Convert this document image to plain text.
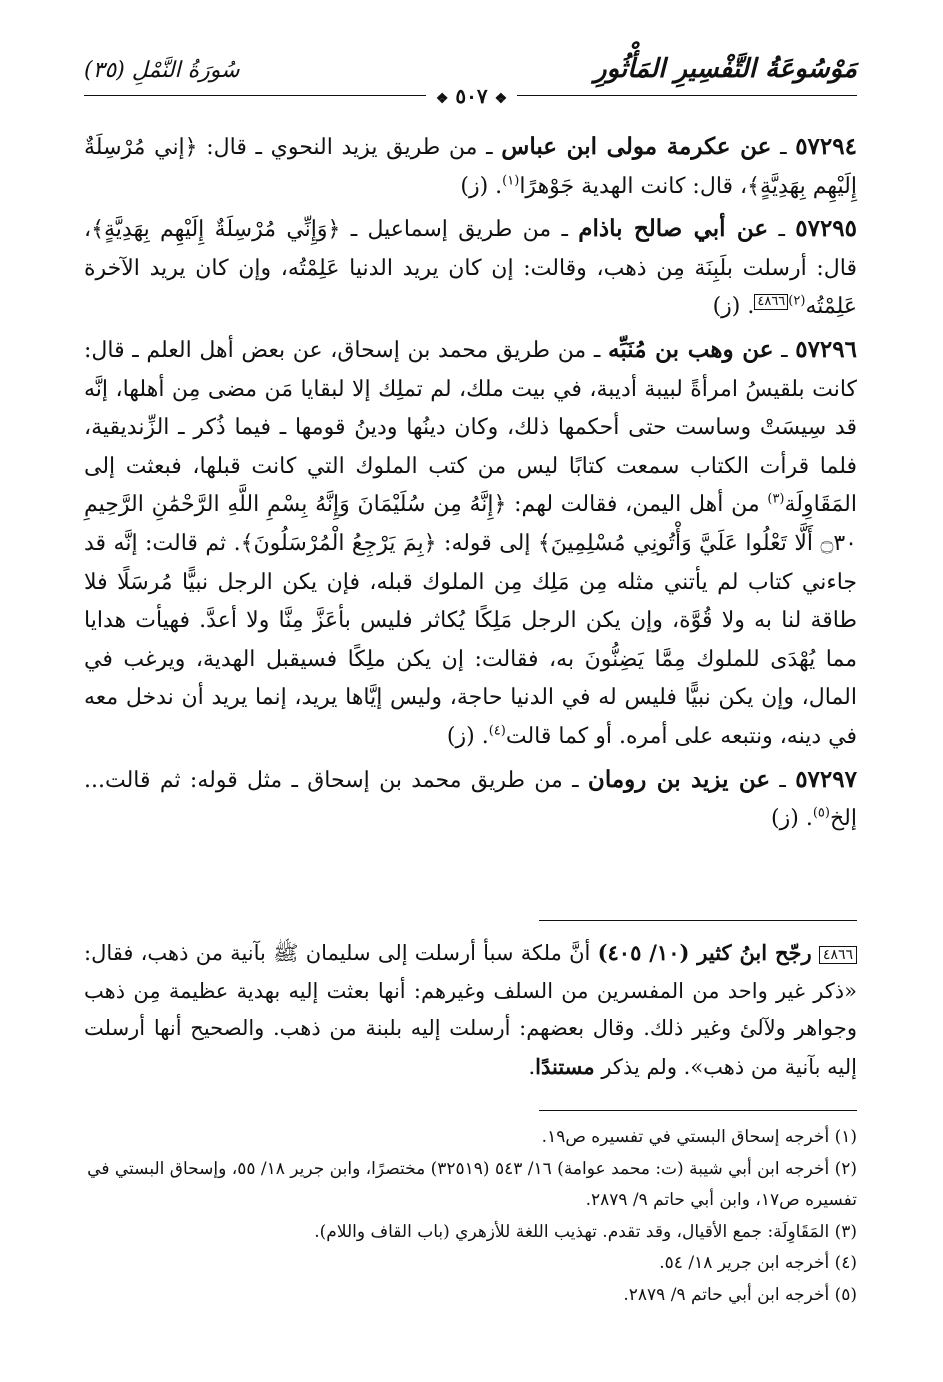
مَوْسُوعَةُ التَّفْسِيرِ المَأْثُورِ
سُورَةُ النَّمْلِ (٣٥)
❖ ٥٠٧ ❖

٥٧٢٩٤ ـ عن عكرمة مولى ابن عباس ـ من طريق يزيد النحوي ـ قال: ﴿إني مُرْسِلَةٌ إِلَيْهِم بِهَدِيَّةٍ﴾، قال: كانت الهدية جَوْهرًا$^{(١)}$. (ز)

٥٧٢٩٥ ـ عن أبي صالح باذام ـ من طريق إسماعيل ـ ﴿وَإِنِّي مُرْسِلَةٌ إِلَيْهِم بِهَدِيَّةٍ﴾، قال: أرسلت بلَبِنَة مِن ذهب، وقالت: إن كان يريد الدنيا عَلِمْتُه، وإن كان يريد الآخرة عَلِمْتُه$^{(٢)}$٤٨٦٦. (ز)

٥٧٢٩٦ ـ عن وهب بن مُنَبِّه ـ من طريق محمد بن إسحاق، عن بعض أهل العلم ـ قال: كانت بلقيسُ امرأةً لبيبة أديبة، في بيت ملك، لم تملِك إلا لبقايا مَن مضى مِن أهلها، إنَّه قد سِيسَتْ وساست حتى أحكمها ذلك، وكان دينُها ودينُ قومها ـ فيما ذُكر ـ الزِّنديقية، فلما قرأت الكتاب سمعت كتابًا ليس من كتب الملوك التي كانت قبلها، فبعثت إلى المَقَاوِلَة$^{(٣)}$ من أهل اليمن، فقالت لهم: ﴿إِنَّهُ مِن سُلَيْمَانَ وَإِنَّهُ بِسْمِ اللَّهِ الرَّحْمَٰنِ الرَّحِيمِ ۝٣٠ أَلَّا تَعْلُوا عَلَيَّ وَأْتُونِي مُسْلِمِينَ﴾ إلى قوله: ﴿بِمَ يَرْجِعُ الْمُرْسَلُونَ﴾. ثم قالت: إنَّه قد جاءني كتاب لم يأتني مثله مِن مَلِك مِن الملوك قبله، فإن يكن الرجل نبيًّا مُرسَلًا فلا طاقة لنا به ولا قُوَّة، وإن يكن الرجل مَلِكًا يُكاثر فليس بأعَزَّ مِنَّا ولا أعدَّ. فهيأت هدايا مما يُهْدَى للملوك مِمَّا يَضِنُّونَ به، فقالت: إن يكن ملِكًا فسيقبل الهدية، ويرغب في المال، وإن يكن نبيًّا فليس له في الدنيا حاجة، وليس إيَّاها يريد، إنما يريد أن ندخل معه في دينه، ونتبعه على أمره. أو كما قالت$^{(٤)}$. (ز)

٥٧٢٩٧ ـ عن يزيد بن رومان ـ من طريق محمد بن إسحاق ـ مثل قوله: ثم قالت... إلخ$^{(٥)}$. (ز)

٤٨٦٦ رجّح ابنُ كثير (١٠/ ٤٠٥) أنَّ ملكة سبأ أرسلت إلى سليمان ﷺ بآنية من ذهب، فقال: «ذكر غير واحد من المفسرين من السلف وغيرهم: أنها بعثت إليه بهدية عظيمة مِن ذهب وجواهر ولآلئ وغير ذلك. وقال بعضهم: أرسلت إليه بلبنة من ذهب. والصحيح أنها أرسلت إليه بآنية من ذهب». ولم يذكر مستندًا.

(١) أخرجه إسحاق البستي في تفسيره ص١٩.

(٢) أخرجه ابن أبي شيبة (ت: محمد عوامة) ١٦/ ٥٤٣ (٣٢٥١٩) مختصرًا، وابن جرير ١٨/ ٥٥، وإسحاق البستي في تفسيره ص١٧، وابن أبي حاتم ٩/ ٢٨٧٩.

(٣) المَقَاوِلَة: جمع الأقيال، وقد تقدم. تهذيب اللغة للأزهري (باب القاف واللام).

(٤) أخرجه ابن جرير ١٨/ ٥٤.

(٥) أخرجه ابن أبي حاتم ٩/ ٢٨٧٩.
